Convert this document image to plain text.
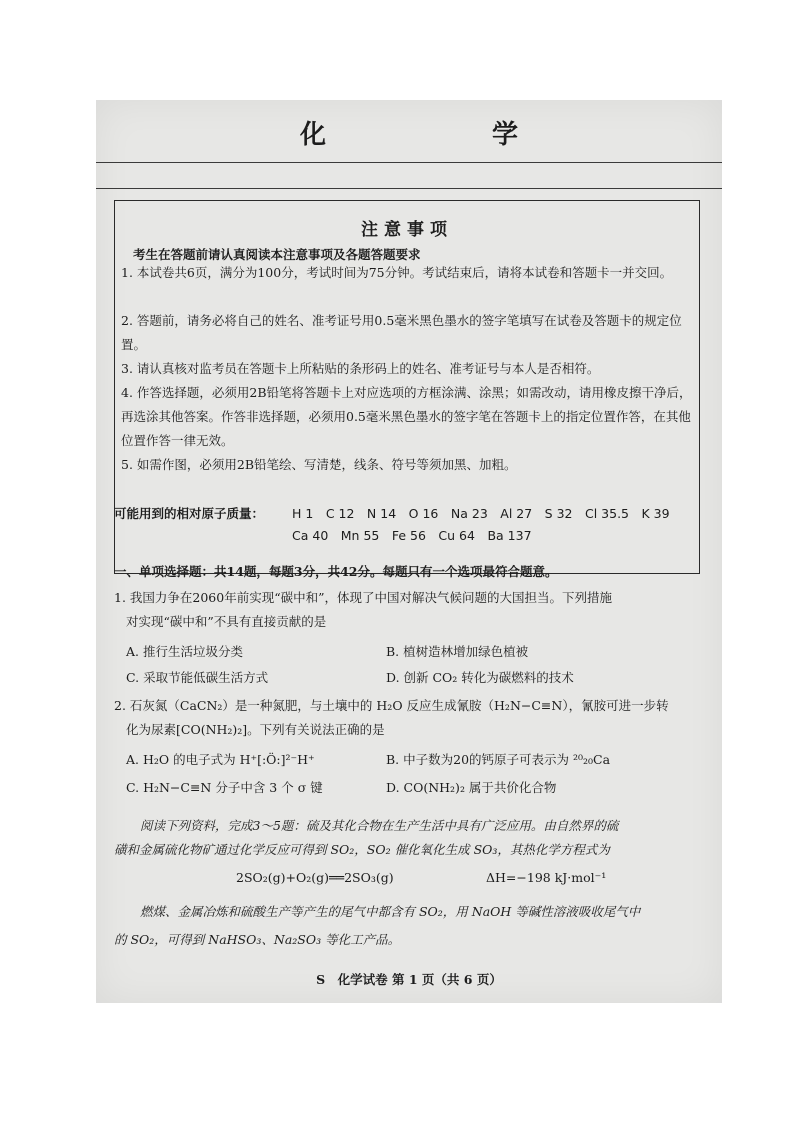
化　　学
注意事项
考生在答题前请认真阅读本注意事项及各题答题要求
1. 本试卷共6页，满分为100分，考试时间为75分钟。考试结束后，请将本试卷和答题卡一并交回。
2. 答题前，请务必将自己的姓名、准考证号用0.5毫米黑色墨水的签字笔填写在试卷及答题卡的规定位置。
3. 请认真核对监考员在答题卡上所粘贴的条形码上的姓名、准考证号与本人是否相符。
4. 作答选择题，必须用2B铅笔将答题卡上对应选项的方框涂满、涂黑；如需改动，请用橡皮擦干净后，再选涂其他答案。作答非选择题，必须用0.5毫米黑色墨水的签字笔在答题卡上的指定位置作答，在其他位置作答一律无效。
5. 如需作图，必须用2B铅笔绘、写清楚，线条、符号等须加黑、加粗。
可能用到的相对原子质量： H 1　C 12　N 14　O 16　Na 23　Al 27　S 32　Cl 35.5　K 39
Ca 40　Mn 55　Fe 56　Cu 64　Ba 137
一、单项选择题：共14题，每题3分，共42分。每题只有一个选项最符合题意。
1. 我国力争在2060年前实现“碳中和”，体现了中国对解决气候问题的大国担当。下列措施
对实现“碳中和”不具有直接贡献的是
A. 推行生活垃圾分类	B. 植树造林增加绿色植被
C. 采取节能低碳生活方式	D. 创新 CO₂ 转化为碳燃料的技术
2. 石灰氮（CaCN₂）是一种氮肥，与土壤中的 H₂O 反应生成氰胺（H₂N−C≡N），氰胺可进一步转
化为尿素[CO(NH₂)₂]。下列有关说法正确的是
A. H₂O 的电子式为 H⁺[:Ö:]²⁻H⁺	B. 中子数为20的钙原子可表示为 ²⁰₂₀Ca
C. H₂N−C≡N 分子中含 3 个 σ 键	D. CO(NH₂)₂ 属于共价化合物
阅读下列资料，完成3～5题：硫及其化合物在生产生活中具有广泛应用。由自然界的硫
磺和金属硫化物矿通过化学反应可得到 SO₂，SO₂ 催化氧化生成 SO₃，其热化学方程式为
2SO₂(g)+O₂(g)══2SO₃(g)	ΔH=−198 kJ·mol⁻¹
燃煤、金属冶炼和硫酸生产等产生的尾气中都含有 SO₂，用 NaOH 等碱性溶液吸收尾气中
的 SO₂，可得到 NaHSO₃、Na₂SO₃ 等化工产品。
S　化学试卷 第 1 页（共 6 页）
